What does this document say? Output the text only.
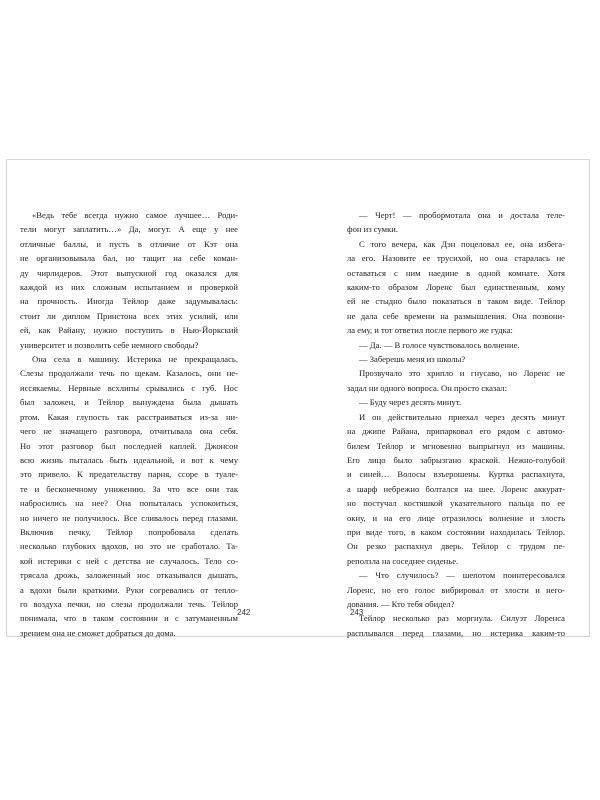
«Ведь тебе всегда нужно самое лучшее… Роди-
тели могут заплатить…» Да, могут. А еще у нее
отличные баллы, и пусть в отличие от Кэт она
не организовывала бал, но тащит на себе коман-
ду чирлидеров. Этот выпускной год оказался для
каждой из них сложным испытанием и проверкой
на прочность. Иногда Тейлор даже задумывалась:
стоит ли диплом Принстона всех этих усилий, или
ей, как Райану, нужно поступить в Нью-Йоркский
университет и позволить себе немного свободы?
Она села в машину. Истерика не прекращалась.
Слезы продолжали течь по щекам. Казалось, они не-
иссякаемы. Нервные всхлипы срывались с губ. Нос
был заложен, и Тейлор вынуждена была дышать
ртом. Какая глупость так расстраиваться из-за ни-
чего не значащего разговора, отчитывала она себя.
Но этот разговор был последней каплей. Джонсон
всю жизнь пыталась быть идеальной, и вот к чему
это привело. К предательству парня, ссоре в туале-
те и бесконечному унижению. За что все они так
набросились на нее? Она попыталась успокоиться,
но ничего не получилось. Все сливалось перед глазами.
Включив печку, Тейлор попробовала сделать
несколько глубоких вдохов, но это не сработало. Та-
кой истерики с ней с детства не случалось. Тело со-
трясала дрожь, заложенный нос отказывался дышать,
а вдохи были краткими. Руки согревались от тепло-
го воздуха печки, но слезы продолжали течь. Тейлор
понимала, что в таком состоянии и с затуманенным
зрением она не сможет добраться до дома.
— Черт! — пробормотала она и достала теле-
фон из сумки.
С того вечера, как Дэн поцеловал ее, она избега-
ла его. Назовите ее трусихой, но она старалась не
оставаться с ним наедине в одной комнате. Хотя
каким-то образом Лоренс был единственным, кому
ей не стыдно было показаться в таком виде. Тейлор
не дала себе времени на размышления. Она позвони-
ла ему, и тот ответил после первого же гудка:
— Да. — В голосе чувствовалось волнение.
— Заберешь меня из школы?
Прозвучало это хрипло и гнусаво, но Лоренс не
задал ни одного вопроса. Он просто сказал:
— Буду через десять минут.
И он действительно приехал через десять минут
на джипе Райана, припарковал его рядом с автомо-
билем Тейлор и мгновенно выпрыгнул из машины.
Его лицо было забрызгано краской. Нежно-голубой
и синей… Волосы взъерошены. Куртка распахнута,
а шарф небрежно болтался на шее. Лоренс аккурат-
но постучал костяшкой указательного пальца по ее
окну, и на его лице отразилось волнение и злость
при виде того, в каком состоянии находилась Тейлор.
Он резко распахнул дверь. Тейлор с трудом пе-
реползла на соседнее сиденье.
— Что случилось? — шепотом поинтересовался
Лоренс, но его голос вибрировал от злости и него-
дования. — Кто тебя обидел?
Тейлор несколько раз моргнула. Силуэт Лоренса
расплывался перед глазами, но истерика каким-то
242	243
